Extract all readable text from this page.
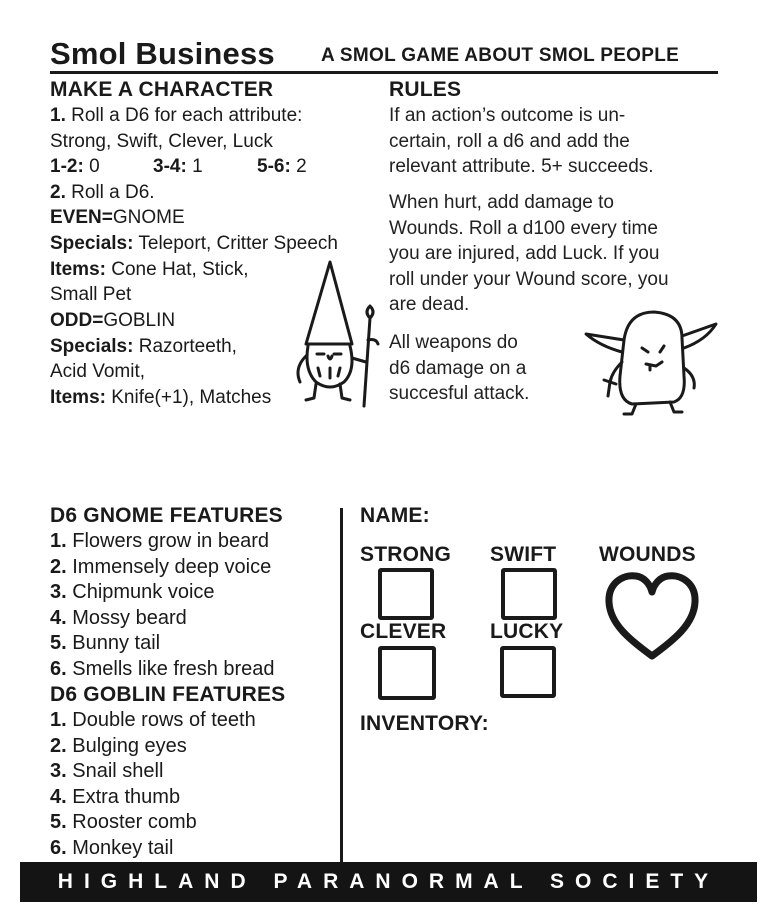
Smol Business A SMOL GAME ABOUT SMOL PEOPLE
MAKE A CHARACTER
1. Roll a D6 for each attribute:
Strong, Swift, Clever, Luck
1-2: 0	3-4: 1	5-6: 2
2. Roll a D6.
EVEN=GNOME
Specials: Teleport, Critter Speech
Items: Cone Hat, Stick,
Small Pet
ODD=GOBLIN
Specials: Razorteeth,
Acid Vomit,
Items: Knife(+1), Matches
RULES
If an action’s outcome is un-
certain, roll a d6 and add the
relevant attribute. 5+ succeeds.
When hurt, add damage to
Wounds. Roll a d100 every time
you are injured, add Luck. If you
roll under your Wound score, you
are dead.
All weapons do
d6 damage on a
succesful attack.
D6 GNOME FEATURES
1. Flowers grow in beard
2. Immensely deep voice
3. Chipmunk voice
4. Mossy beard
5. Bunny tail
6. Smells like fresh bread
D6 GOBLIN FEATURES
1. Double rows of teeth
2. Bulging eyes
3. Snail shell
4. Extra thumb
5. Rooster comb
6. Monkey tail
NAME:
STRONG SWIFT WOUNDS
CLEVER LUCKY
INVENTORY:
HIGHLAND PARANORMAL SOCIETY
